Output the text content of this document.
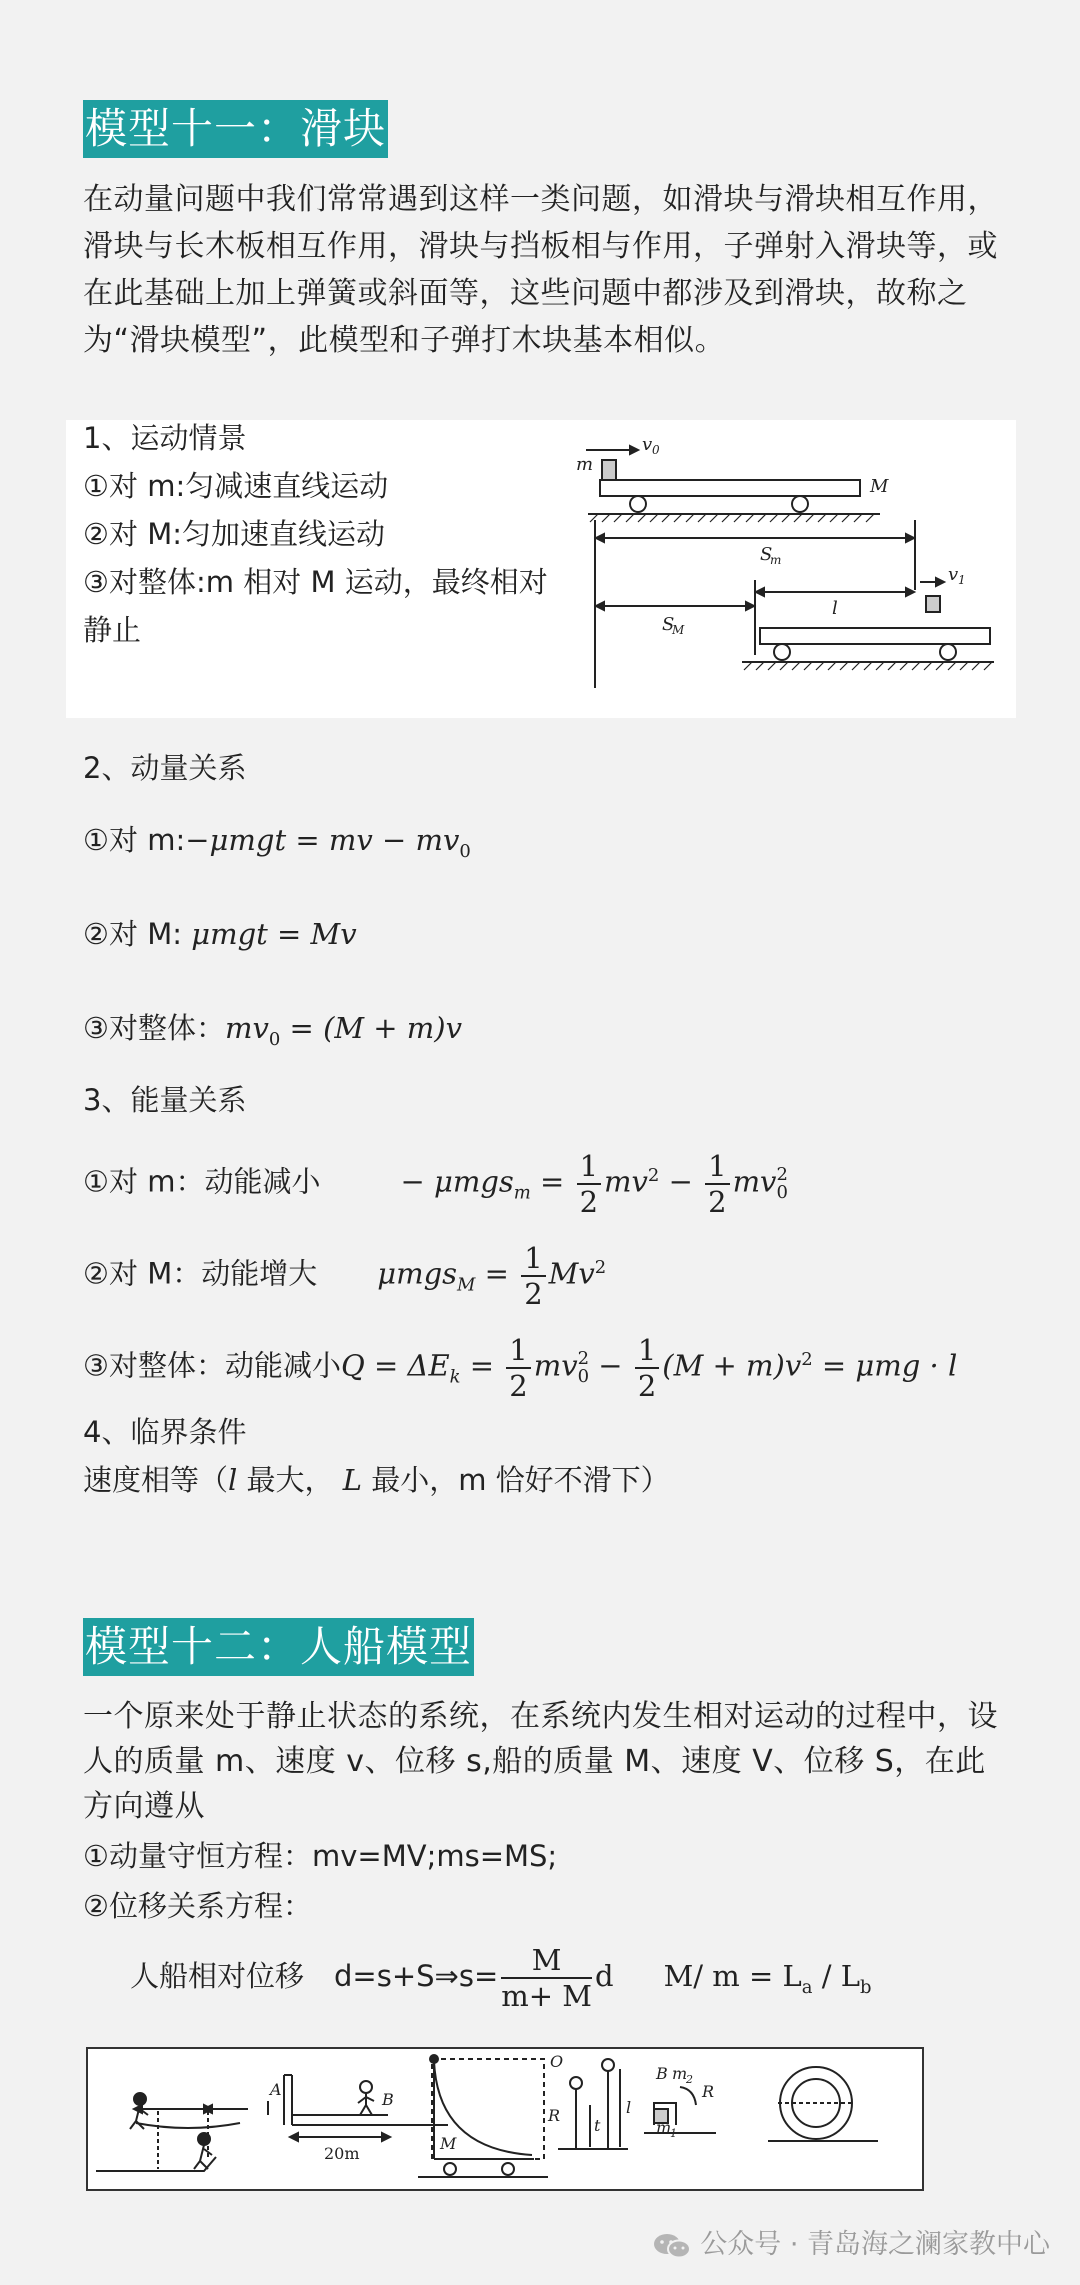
模型十一：滑块
在动量问题中我们常常遇到这样一类问题，如滑块与滑块相互作用，滑块与长木板相互作用，滑块与挡板相与作用，子弹射入滑块等，或在此基础上加上弹簧或斜面等，这些问题中都涉及到滑块，故称之为“滑块模型”，此模型和子弹打木块基本相似。
1、运动情景
①对 m:匀减速直线运动
②对 M:匀加速直线运动
③对整体:m 相对 M 运动，最终相对
静止
m
v 0
M
S
m
v 1
l
S
M
2、动量关系
①对 m:−μmgt = mv − $mv_0$
②对 M: μmgt = Mv
③对整体：$mv_0 = (M + m)v$
3、能量关系
①对 m：动能减小	− $\mu mgs_m = \frac{1}{2} mv^2 - \frac{1}{2}$ mv 2
0
②对 M：动能增大 $\mu mgs_M = \frac{1}{2} Mv^2$
③对整体：动能减小$Q = \Delta E_k = \frac{1}{2}$ mv 2
$0 - \frac{1}{2} (M + m)v^2 = \mu mg \cdot l$
4、临界条件
速度相等（l 最大， L 最小，m 恰好不滑下）
模型十二：人船模型
一个原来处于静止状态的系统，在系统内发生相对运动的过程中，设人的质量 m、速度 v、位移 s,船的质量 M、速度 V、位移 S，在此方向遵从
①动量守恒方程：mv=MV;ms=MS;
②位移关系方程：
人船相对位移 d=s+S⇒s= $\frac{M}{m+ M}$ d M/ $m = L_a / L_b$
A
B
20m
O
M
R
t
l
B m
2
m
1
R
公众号 · 青岛海之澜家教中心
